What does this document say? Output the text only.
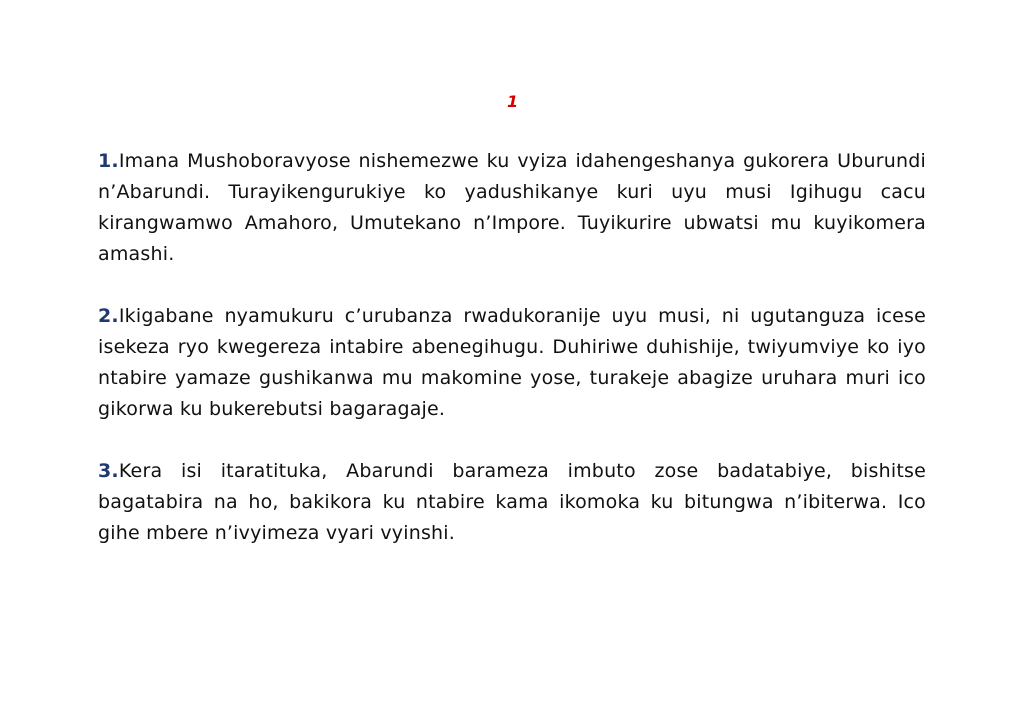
1

1.Imana Mushoboravyose nishemezwe ku vyiza idahengeshanya gukorera Uburundi n’Abarundi. Turayikengurukiye ko yadushikanye kuri uyu musi Igihugu cacu kirangwamwo Amahoro, Umutekano n’Impore. Tuyikurire ubwatsi mu kuyikomera amashi.

2.Ikigabane nyamukuru c’urubanza rwadukoranije uyu musi, ni ugutanguza icese isekeza ryo kwegereza intabire abenegihugu. Duhiriwe duhishije, twiyumviye ko iyo ntabire yamaze gushikanwa mu makomine yose, turakeje abagize uruhara muri ico gikorwa ku bukerebutsi bagaragaje.

3.Kera isi itaratituka, Abarundi barameza imbuto zose badatabiye, bishitse bagatabira na ho, bakikora ku ntabire kama ikomoka ku bitungwa n’ibiterwa. Ico gihe mbere n’ivyimeza vyari vyinshi.
